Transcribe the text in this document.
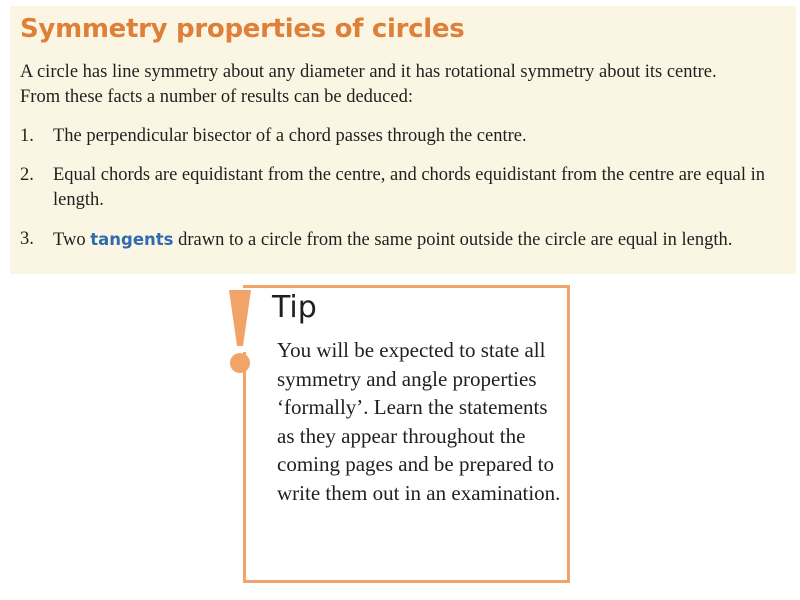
Symmetry properties of circles
A circle has line symmetry about any diameter and it has rotational symmetry about its centre.
From these facts a number of results can be deduced:
1. The perpendicular bisector of a chord passes through the centre.
2. Equal chords are equidistant from the centre, and chords equidistant from the centre are equal in length.
3. Two tangents drawn to a circle from the same point outside the circle are equal in length.
Tip
You will be expected to state all symmetry and angle properties ‘formally’. Learn the statements as they appear throughout the coming pages and be prepared to write them out in an examination.
